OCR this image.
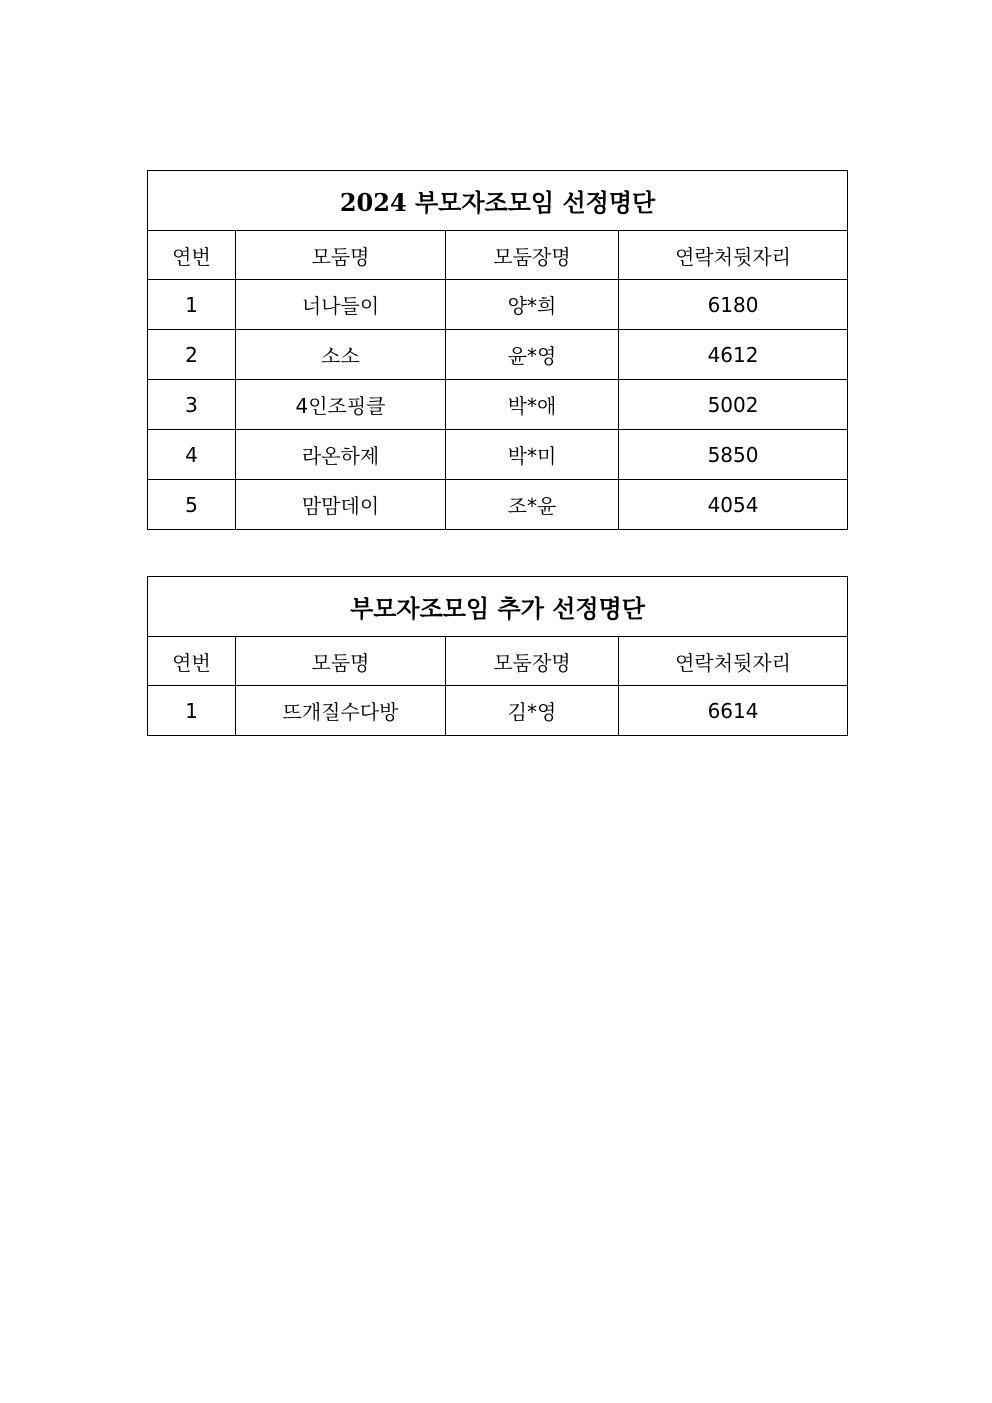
2024 부모자조모임 선정명단			
연번	모둠명	모둠장명	연락처뒷자리
1	너나들이	양*희	6180
2	소소	윤*영	4612
3	4인조핑클	박*애	5002
4	라온하제	박*미	5850
5	맘맘데이	조*윤	4054
부모자조모임 추가 선정명단			
연번	모둠명	모둠장명	연락처뒷자리
1	뜨개질수다방	김*영	6614
